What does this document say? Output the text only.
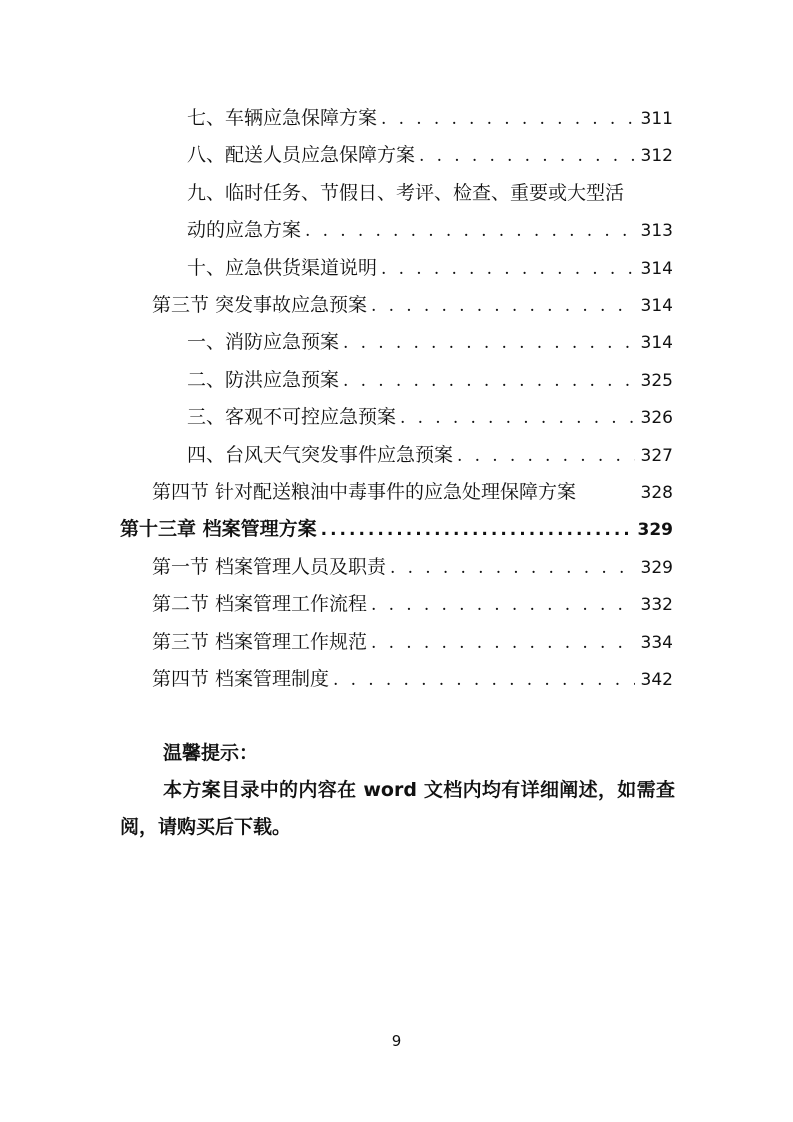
七、车辆应急保障方案 . . .	311
八、配送人员应急保障方案 . . .	312
九、临时任务、节假日、考评、检查、重要或大型活
动的应急方案 . . .	313
十、应急供货渠道说明 . . .	314
第三节 突发事故应急预案 . . .	314
一、消防应急预案 . . .	314
二、防洪应急预案 . . .	325
三、客观不可控应急预案 . . .	326
四、台风天气突发事件应急预案 . . .	327
第四节 针对配送粮油中毒事件的应急处理保障方案	328
第十三章 档案管理方案 .....	329
第一节 档案管理人员及职责 . . .	329
第二节 档案管理工作流程 . . .	332
第三节 档案管理工作规范 . . .	334
第四节 档案管理制度 . . .	342
温馨提示：
本方案目录中的内容在 word 文档内均有详细阐述，如需查阅，请购买后下载。
9
